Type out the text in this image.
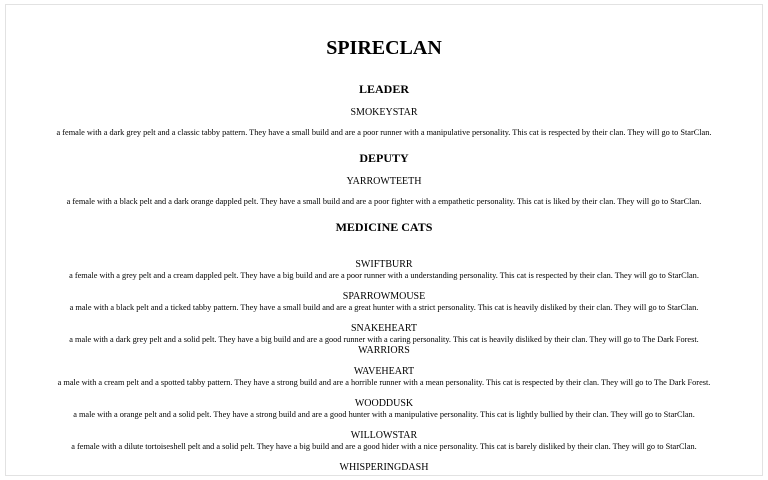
SPIRECLAN
LEADER
SMOKEYSTAR
a female with a dark grey pelt and a classic tabby pattern. They have a small build and are a poor runner with a manipulative personality. This cat is respected by their clan. They will go to StarClan.
DEPUTY
YARROWTEETH
a female with a black pelt and a dark orange dappled pelt. They have a small build and are a poor fighter with a empathetic personality. This cat is liked by their clan. They will go to StarClan.
MEDICINE CATS
SWIFTBURR
a female with a grey pelt and a cream dappled pelt. They have a big build and are a poor runner with a understanding personality. This cat is respected by their clan. They will go to StarClan.
SPARROWMOUSE
a male with a black pelt and a ticked tabby pattern. They have a small build and are a great hunter with a strict personality. This cat is heavily disliked by their clan. They will go to StarClan.
SNAKEHEART
a male with a dark grey pelt and a solid pelt. They have a big build and are a good runner with a caring personality. This cat is heavily disliked by their clan. They will go to The Dark Forest.
WARRIORS
WAVEHEART
a male with a cream pelt and a spotted tabby pattern. They have a strong build and are a horrible runner with a mean personality. This cat is respected by their clan. They will go to The Dark Forest.
WOODDUSK
a male with a orange pelt and a solid pelt. They have a strong build and are a good hunter with a manipulative personality. This cat is lightly bullied by their clan. They will go to StarClan.
WILLOWSTAR
a female with a dilute tortoiseshell pelt and a solid pelt. They have a big build and are a good hider with a nice personality. This cat is barely disliked by their clan. They will go to StarClan.
WHISPERINGDASH
